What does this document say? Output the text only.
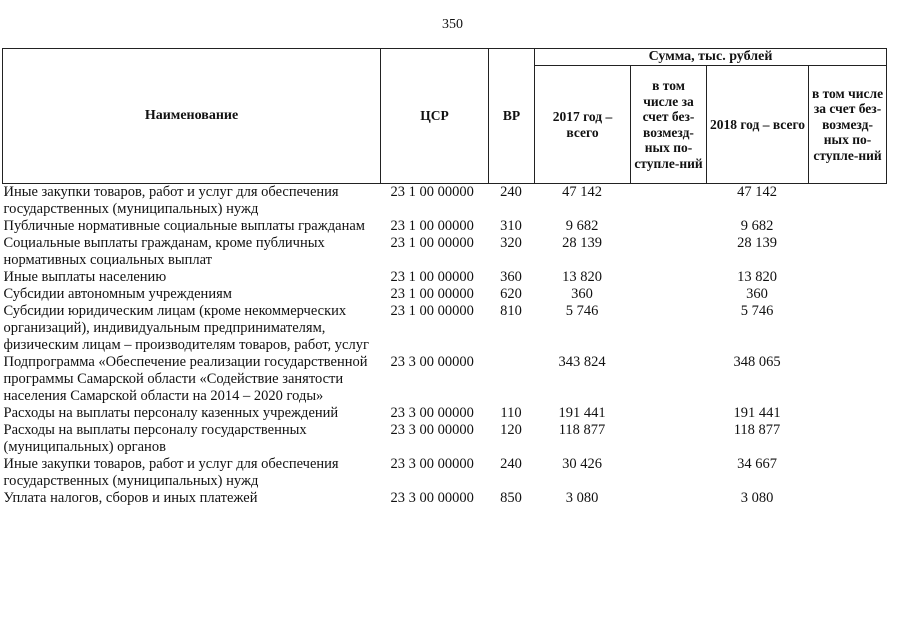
350
Наименование	ЦСР	ВР	Сумма, тыс. рублей			
			2017 год – всего	в том числе за счет без-возмезд-ных по-ступле-ний	2018 год – всего	в том числе за счет без-возмезд-ных по-ступле-ний
Иные закупки товаров, работ и услуг для обеспечения государственных (муниципальных) нужд	23 1 00 00000	240	47 142		47 142	
Публичные нормативные социальные выплаты гражданам	23 1 00 00000	310	9 682		9 682	
Социальные выплаты гражданам, кроме публичных нормативных социальных выплат	23 1 00 00000	320	28 139		28 139	
Иные выплаты населению	23 1 00 00000	360	13 820		13 820	
Субсидии автономным учреждениям	23 1 00 00000	620	360		360	
Субсидии юридическим лицам (кроме некоммерческих организаций), индивидуальным предпринимателям, физическим лицам – производителям товаров, работ, услуг	23 1 00 00000	810	5 746		5 746	
Подпрограмма «Обеспечение реализации государственной программы Самарской области «Содействие занятости населения Самарской области на 2014 – 2020 годы»	23 3 00 00000		343 824		348 065	
Расходы на выплаты персоналу казенных учреждений	23 3 00 00000	110	191 441		191 441	
Расходы на выплаты персоналу государственных (муниципальных) органов	23 3 00 00000	120	118 877		118 877	
Иные закупки товаров, работ и услуг для обеспечения государственных (муниципальных) нужд	23 3 00 00000	240	30 426		34 667	
Уплата налогов, сборов и иных платежей	23 3 00 00000	850	3 080		3 080	
